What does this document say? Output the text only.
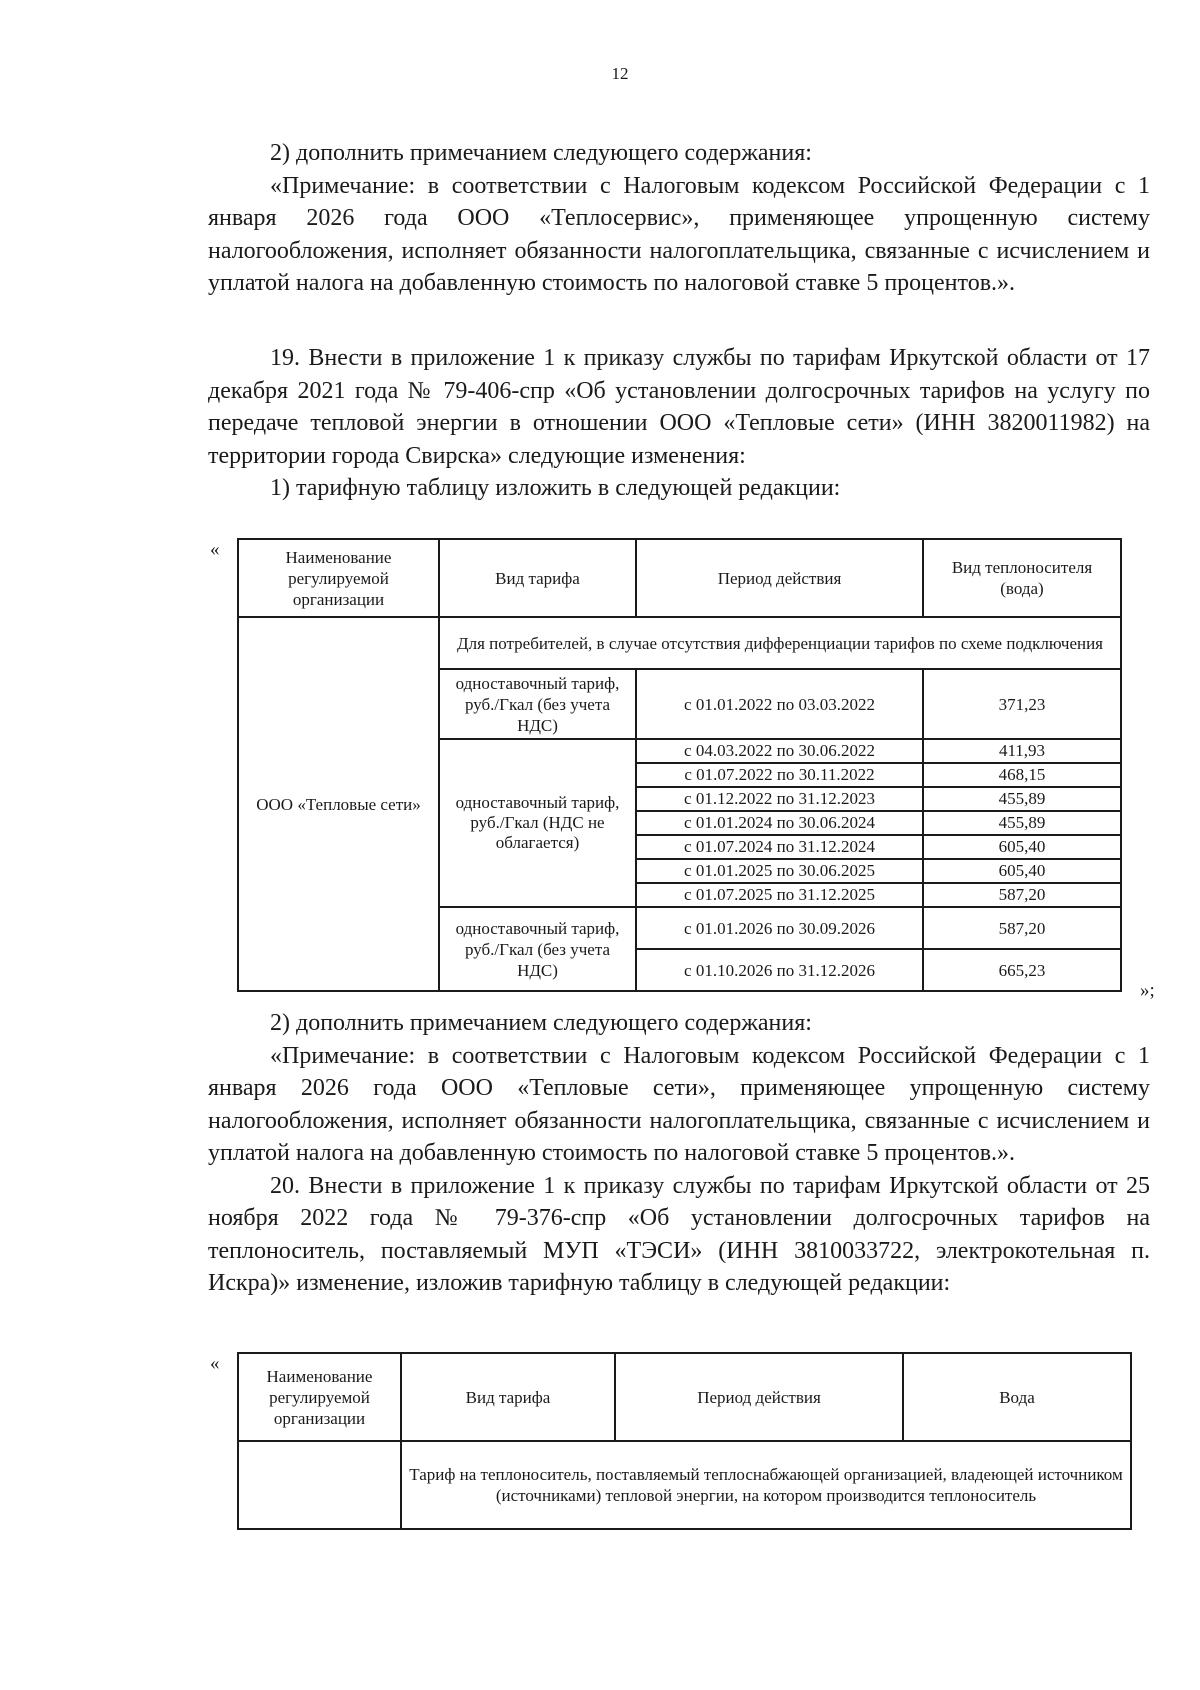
12

2) дополнить примечанием следующего содержания:

«Примечание: в соответствии с Налоговым кодексом Российской Федерации с 1 января 2026 года ООО «Теплосервис», применяющее упрощенную систему налогообложения, исполняет обязанности налогоплательщика, связанные с исчислением и уплатой налога на добавленную стоимость по налоговой ставке 5 процентов.».

19. Внести в приложение 1 к приказу службы по тарифам Иркутской области от 17 декабря 2021 года № 79-406-спр «Об установлении долгосрочных тарифов на услугу по передаче тепловой энергии в отношении ООО «Тепловые сети» (ИНН 3820011982) на территории города Свирска» следующие изменения:

1) тарифную таблицу изложить в следующей редакции:

«	Наименование регулируемой организации	Вид тарифа	Период действия	Вид теплоносителя (вода)
ООО «Тепловые сети»	Для потребителей, в случае отсутствия дифференциации тарифов по схеме подключения		
	одноставочный тариф, руб./Гкал (без учета НДС)	с 01.01.2022 по 03.03.2022	371,23
	одноставочный тариф, руб./Гкал (НДС не облагается)	с 04.03.2022 по 30.06.2022	411,93
		с 01.07.2022 по 30.11.2022	468,15
		с 01.12.2022 по 31.12.2023	455,89
		с 01.01.2024 по 30.06.2024	455,89
		с 01.07.2024 по 31.12.2024	605,40
		с 01.01.2025 по 30.06.2025	605,40
		с 01.07.2025 по 31.12.2025	587,20
	одноставочный тариф, руб./Гкал (без учета НДС)	с 01.01.2026 по 30.09.2026	587,20
		с 01.10.2026 по 31.12.2026	665,23
»;

2) дополнить примечанием следующего содержания:

«Примечание: в соответствии с Налоговым кодексом Российской Федерации с 1 января 2026 года ООО «Тепловые сети», применяющее упрощенную систему налогообложения, исполняет обязанности налогоплательщика, связанные с исчислением и уплатой налога на добавленную стоимость по налоговой ставке 5 процентов.».

20. Внести в приложение 1 к приказу службы по тарифам Иркутской области от 25 ноября 2022 года № 79-376-спр «Об установлении долгосрочных тарифов на теплоноситель, поставляемый МУП «ТЭСИ» (ИНН 3810033722, электрокотельная п. Искра)» изменение, изложив тарифную таблицу в следующей редакции:

«
Наименование регулируемой организации	Вид тарифа	Период действия	Вода
	Тариф на теплоноситель, поставляемый теплоснабжающей организацией, владеющей источником (источниками) тепловой энергии, на котором производится теплоноситель		
